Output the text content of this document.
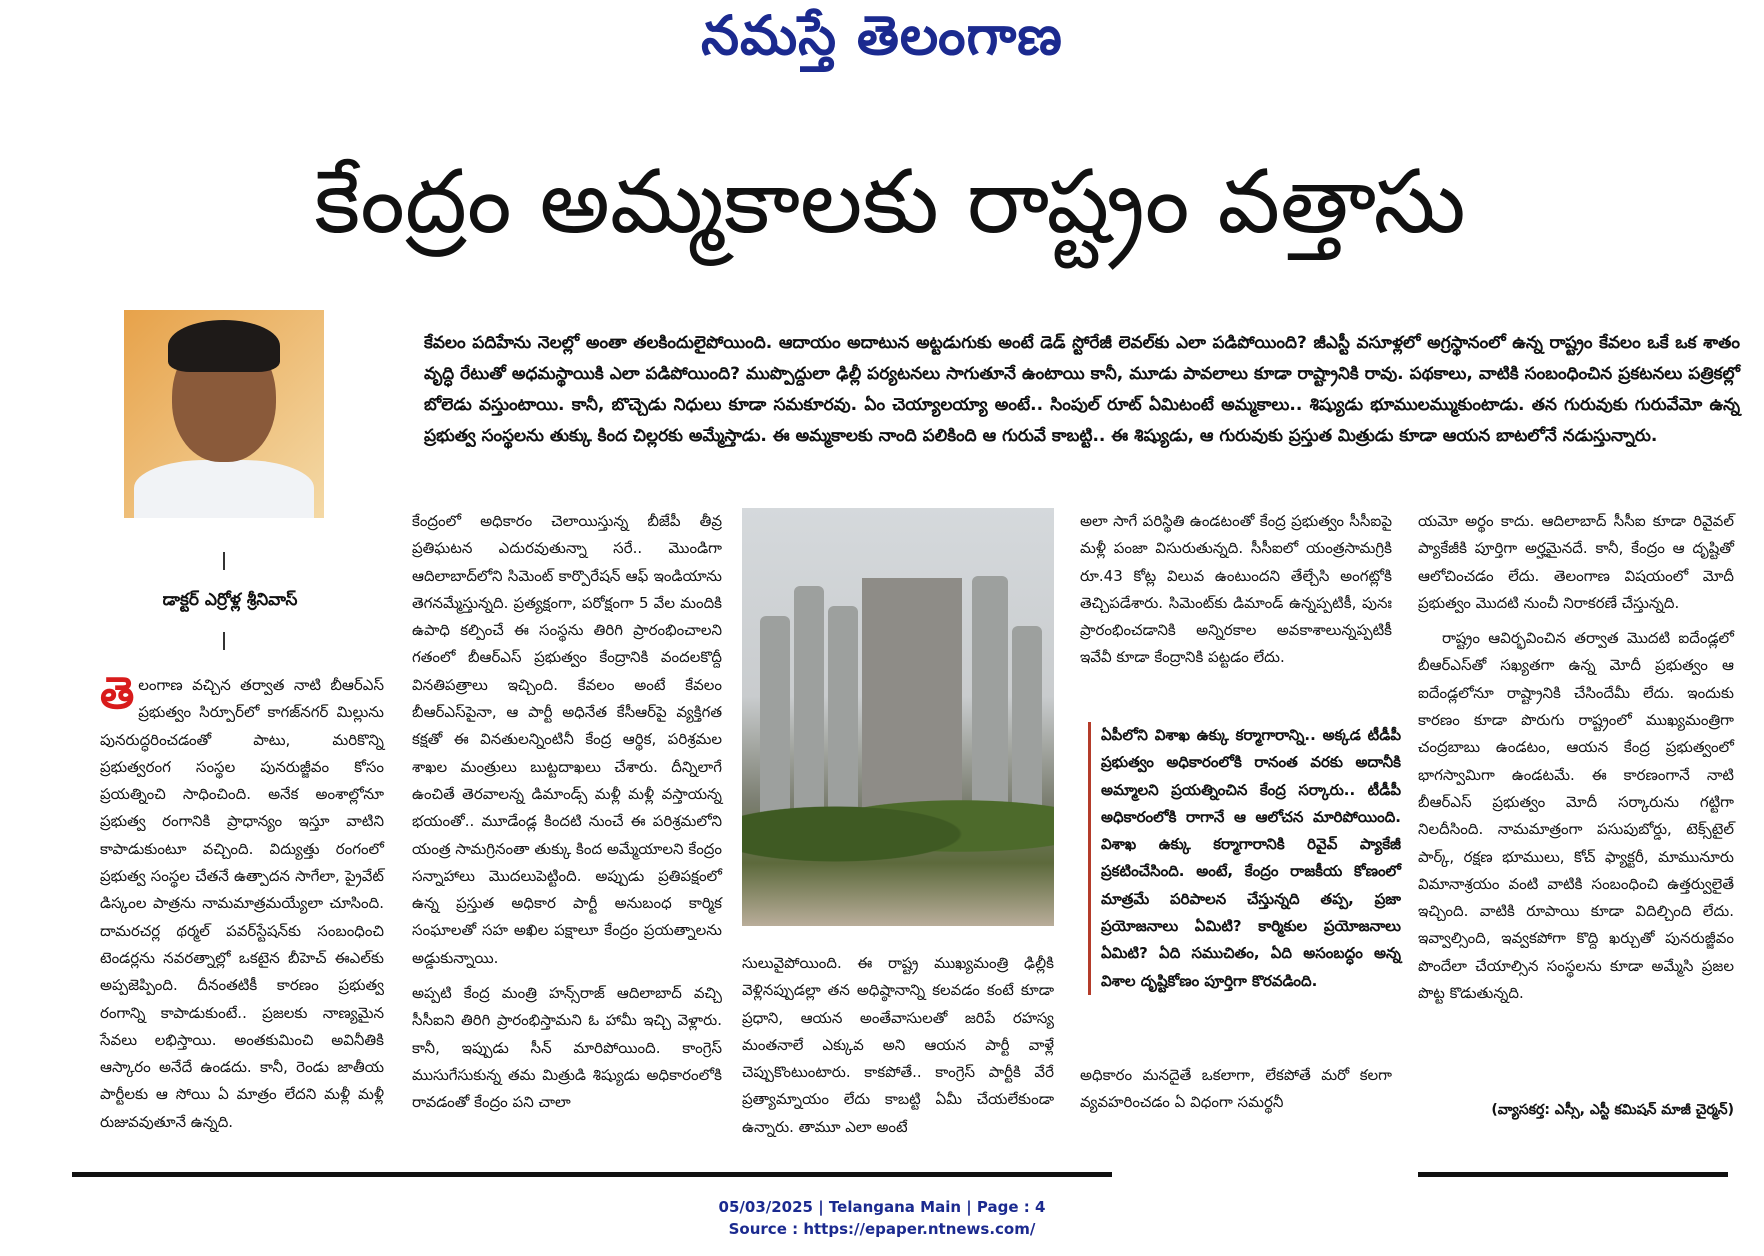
నమస్తే తెలంగాణ
కేంద్రం అమ్మకాలకు రాష్ట్రం వత్తాసు
డాక్టర్ ఎర్రోళ్ల శ్రీనివాస్
కేవలం పదిహేను నెలల్లో అంతా తలకిందులైపోయింది. ఆదాయం అదాటున అట్టడుగుకు అంటే డెడ్ స్టోరేజీ లెవల్‌కు ఎలా పడిపోయింది? జీఎస్టీ వసూళ్లలో అగ్రస్థానంలో ఉన్న రాష్ట్రం కేవలం ఒకే ఒక శాతం వృద్ధి రేటుతో అధమస్థాయికి ఎలా పడిపోయింది? ముప్పొద్దులా ఢిల్లీ పర్యటనలు సాగుతూనే ఉంటాయి కానీ, మూడు పావలాలు కూడా రాష్ట్రానికి రావు. పథకాలు, వాటికి సంబంధించిన ప్రకటనలు పత్రికల్లో బోలెడు వస్తుంటాయి. కానీ, బొచ్చెడు నిధులు కూడా సమకూరవు. ఏం చెయ్యాలయ్యా అంటే.. సింపుల్ రూట్ ఏమిటంటే అమ్మకాలు.. శిష్యుడు భూములమ్ముకుంటాడు. తన గురువుకు గురువేమో ఉన్న ప్రభుత్వ సంస్థలను తుక్కు కింద చిల్లరకు అమ్మేస్తాడు. ఈ అమ్మకాలకు నాంది పలికింది ఆ గురువే కాబట్టి.. ఈ శిష్యుడు, ఆ గురువుకు ప్రస్తుత మిత్రుడు కూడా ఆయన బాటలోనే నడుస్తున్నారు.
తె లంగాణ వచ్చిన తర్వాత నాటి బీఆర్ఎస్ ప్రభుత్వం సిర్పూర్‌లో కాగజ్‌నగర్ మిల్లును పునరుద్ధరించడంతో పాటు, మరికొన్ని ప్రభుత్వరంగ సంస్థల పునరుజ్జీవం కోసం ప్రయత్నించి సాధించింది. అనేక అంశాల్లోనూ ప్రభుత్వ రంగానికి ప్రాధాన్యం ఇస్తూ వాటిని కాపాడుకుంటూ వచ్చింది. విద్యుత్తు రంగంలో ప్రభుత్వ సంస్థల చేతనే ఉత్పాదన సాగేలా, ప్రైవేట్ డిస్కంల పాత్రను నామమాత్రమయ్యేలా చూసింది. దామరచర్ల థర్మల్ పవర్‌స్టేషన్‌కు సంబంధించి టెండర్లను నవరత్నాల్లో ఒకటైన బీహెచ్ ఈఎల్‌కు అప్పజెప్పింది. దీనంతటికీ కారణం ప్రభుత్వ రంగాన్ని కాపాడుకుంటే.. ప్రజలకు నాణ్యమైన సేవలు లభిస్తాయి. అంతకుమించి అవినీతికి ఆస్కారం అనేదే ఉండదు. కానీ, రెండు జాతీయ పార్టీలకు ఆ సోయి ఏ మాత్రం లేదని మళ్లీ మళ్లీ రుజువవుతూనే ఉన్నది.

కేంద్రంలో అధికారం చెలాయిస్తున్న బీజేపీ తీవ్ర ప్రతిఘటన ఎదురవుతున్నా సరే.. మొండిగా ఆదిలాబాద్‌లోని సిమెంట్ కార్పొరేషన్ ఆఫ్ ఇండియాను తెగనమ్మేస్తున్నది. ప్రత్యక్షంగా, పరోక్షంగా 5 వేల మందికి ఉపాధి కల్పించే ఈ సంస్థను తిరిగి ప్రారంభించాలని గతంలో బీఆర్ఎస్ ప్రభుత్వం కేంద్రానికి వందలకొద్దీ వినతిపత్రాలు ఇచ్చింది. కేవలం అంటే కేవలం బీఆర్ఎస్‌పైనా, ఆ పార్టీ అధినేత కేసీఆర్‌పై వ్యక్తిగత కక్షతో ఈ వినతులన్నింటినీ కేంద్ర ఆర్థిక, పరిశ్రమల శాఖల మంత్రులు బుట్టదాఖలు చేశారు. దీన్నిలాగే ఉంచితే తెరవాలన్న డిమాండ్స్ మళ్లీ మళ్లీ వస్తాయన్న భయంతో.. మూడేండ్ల కిందటి నుంచే ఈ పరిశ్రమలోని యంత్ర సామగ్రినంతా తుక్కు కింద అమ్మేయాలని కేంద్రం సన్నాహాలు మొదలుపెట్టింది. అప్పుడు ప్రతిపక్షంలో ఉన్న ప్రస్తుత అధికార పార్టీ అనుబంధ కార్మిక సంఘాలతో సహ అఖిల పక్షాలూ కేంద్రం ప్రయత్నాలను అడ్డుకున్నాయి.

అప్పటి కేంద్ర మంత్రి హన్స్‌రాజ్ ఆదిలాబాద్ వచ్చి సీసీఐని తిరిగి ప్రారంభిస్తామని ఓ హామీ ఇచ్చి వెళ్లారు. కానీ, ఇప్పుడు సీన్ మారిపోయింది. కాంగ్రెస్ ముసుగేసుకున్న తమ మిత్రుడి శిష్యుడు అధికారంలోకి రావడంతో కేంద్రం పని చాలా

సులువైపోయింది. ఈ రాష్ట్ర ముఖ్యమంత్రి ఢిల్లీకి వెళ్లినప్పుడల్లా తన అధిష్ఠానాన్ని కలవడం కంటే కూడా ప్రధాని, ఆయన అంతేవాసులతో జరిపే రహస్య మంతనాలే ఎక్కువ అని ఆయన పార్టీ వాళ్లే చెప్పుకొంటుంటారు. కాకపోతే.. కాంగ్రెస్ పార్టీకి వేరే ప్రత్యామ్నాయం లేదు కాబట్టి ఏమీ చేయలేకుండా ఉన్నారు. తామూ ఎలా అంటే
అలా సాగే పరిస్థితి ఉండటంతో కేంద్ర ప్రభుత్వం సీసీఐపై మళ్లీ పంజా విసురుతున్నది. సీసీఐలో యంత్రసామగ్రికి రూ.43 కోట్ల విలువ ఉంటుందని తేల్చేసి అంగట్లోకి తెచ్చిపడేశారు. సిమెంట్‌కు డిమాండ్ ఉన్నప్పటికీ, పునః ప్రారంభించడానికి అన్నిరకాల అవకాశాలున్నప్పటికీ ఇవేవీ కూడా కేంద్రానికి పట్టడం లేదు.
ఏపీలోని విశాఖ ఉక్కు కర్మాగారాన్ని.. అక్కడ టీడీపీ ప్రభుత్వం అధికారంలోకి రానంత వరకు అదానీకి అమ్మాలని ప్రయత్నించిన కేంద్ర సర్కారు.. టీడీపీ అధికారంలోకి రాగానే ఆ ఆలోచన మారిపోయింది. విశాఖ ఉక్కు కర్మాగారానికి రివైవ్ ప్యాకేజీ ప్రకటించేసింది. అంటే, కేంద్రం రాజకీయ కోణంలో మాత్రమే పరిపాలన చేస్తున్నది తప్ప, ప్రజా ప్రయోజనాలు ఏమిటి? కార్మికుల ప్రయోజనాలు ఏమిటి? ఏది సముచితం, ఏది అసంబద్ధం అన్న విశాల దృష్టికోణం పూర్తిగా కొరవడింది.
అధికారం మనదైతే ఒకలాగా, లేకపోతే మరో కలగా వ్యవహరించడం ఏ విధంగా సమర్థనీ

యమో అర్థం కాదు. ఆదిలాబాద్ సీసీఐ కూడా రివైవల్ ప్యాకేజీకి పూర్తిగా అర్హమైనదే. కానీ, కేంద్రం ఆ దృష్టితో ఆలోచించడం లేదు. తెలంగాణ విషయంలో మోదీ ప్రభుత్వం మొదటి నుంచీ నిరాకరణే చేస్తున్నది.

రాష్ట్రం ఆవిర్భవించిన తర్వాత మొదటి ఐదేండ్లలో బీఆర్ఎస్‌తో సఖ్యతగా ఉన్న మోదీ ప్రభుత్వం ఆ ఐదేండ్లలోనూ రాష్ట్రానికి చేసిందేమీ లేదు. ఇందుకు కారణం కూడా పొరుగు రాష్ట్రంలో ముఖ్యమంత్రిగా చంద్రబాబు ఉండటం, ఆయన కేంద్ర ప్రభుత్వంలో భాగస్వామిగా ఉండటమే. ఈ కారణంగానే నాటి బీఆర్ఎస్ ప్రభుత్వం మోదీ సర్కారును గట్టిగా నిలదీసింది. నామమాత్రంగా పసుపుబోర్డు, టెక్స్‌టైల్ పార్క్, రక్షణ భూములు, కోచ్ ఫ్యాక్టరీ, మామునూరు విమానాశ్రయం వంటి వాటికి సంబంధించి ఉత్తర్వులైతే ఇచ్చింది. వాటికి రూపాయి కూడా విదిల్చింది లేదు. ఇవ్వాల్సింది, ఇవ్వకపోగా కొద్ది ఖర్చుతో పునరుజ్జీవం పొందేలా చేయాల్సిన సంస్థలను కూడా అమ్మేసి ప్రజల పొట్ట కొడుతున్నది.

(వ్యాసకర్త: ఎస్సీ, ఎస్టీ కమిషన్ మాజీ చైర్మన్)
05/03/2025 | Telangana Main | Page : 4
Source : https://epaper.ntnews.com/
